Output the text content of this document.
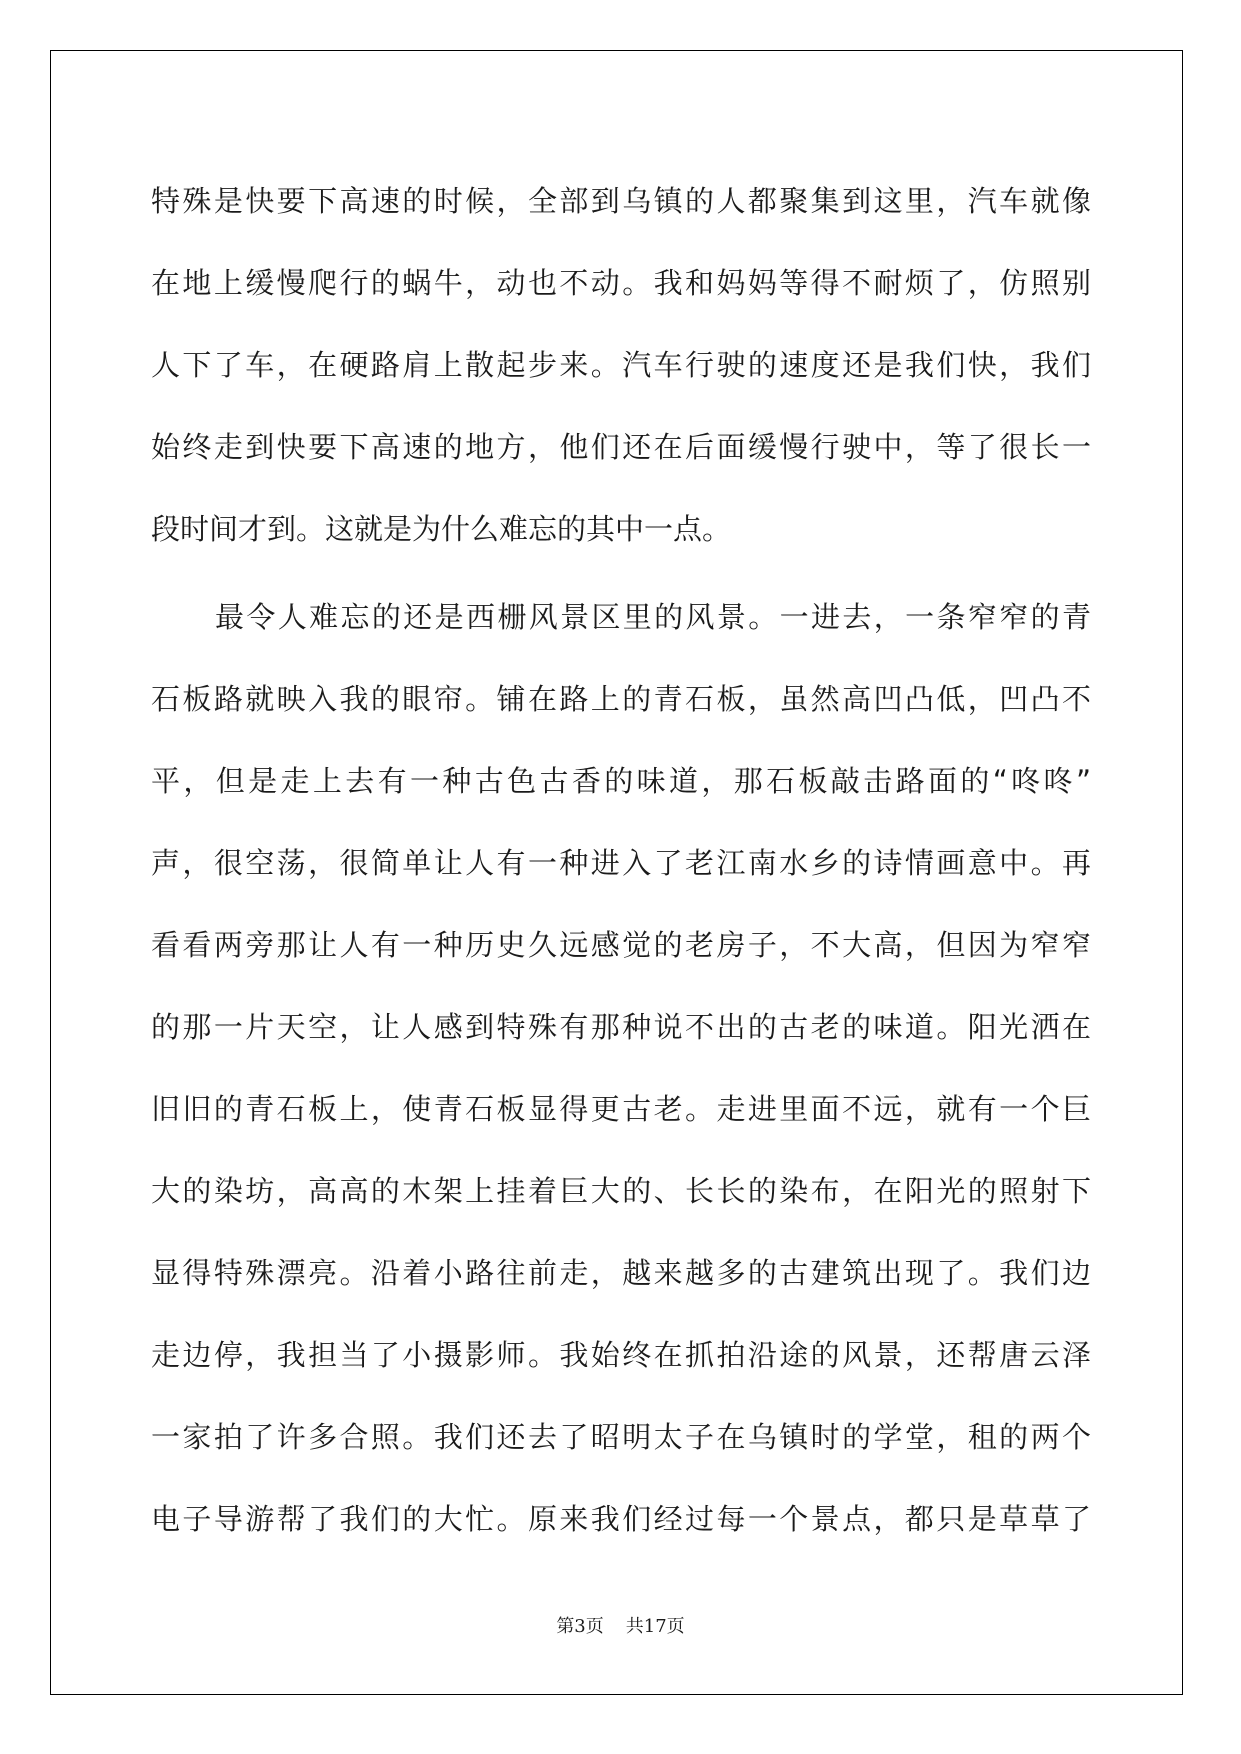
特殊是快要下高速的时候，全部到乌镇的人都聚集到这里，汽车就像
在地上缓慢爬行的蜗牛，动也不动。我和妈妈等得不耐烦了，仿照别
人下了车，在硬路肩上散起步来。汽车行驶的速度还是我们快，我们
始终走到快要下高速的地方，他们还在后面缓慢行驶中，等了很长一
段时间才到。这就是为什么难忘的其中一点。
最令人难忘的还是西栅风景区里的风景。一进去，一条窄窄的青
石板路就映入我的眼帘。铺在路上的青石板，虽然高凹凸低，凹凸不
平，但是走上去有一种古色古香的味道，那石板敲击路面的“咚咚”
声，很空荡，很简单让人有一种进入了老江南水乡的诗情画意中。再
看看两旁那让人有一种历史久远感觉的老房子，不大高，但因为窄窄
的那一片天空，让人感到特殊有那种说不出的古老的味道。阳光洒在
旧旧的青石板上，使青石板显得更古老。走进里面不远，就有一个巨
大的染坊，高高的木架上挂着巨大的、长长的染布，在阳光的照射下
显得特殊漂亮。沿着小路往前走，越来越多的古建筑出现了。我们边
走边停，我担当了小摄影师。我始终在抓拍沿途的风景，还帮唐云泽
一家拍了许多合照。我们还去了昭明太子在乌镇时的学堂，租的两个
电子导游帮了我们的大忙。原来我们经过每一个景点，都只是草草了
第3页 共17页
